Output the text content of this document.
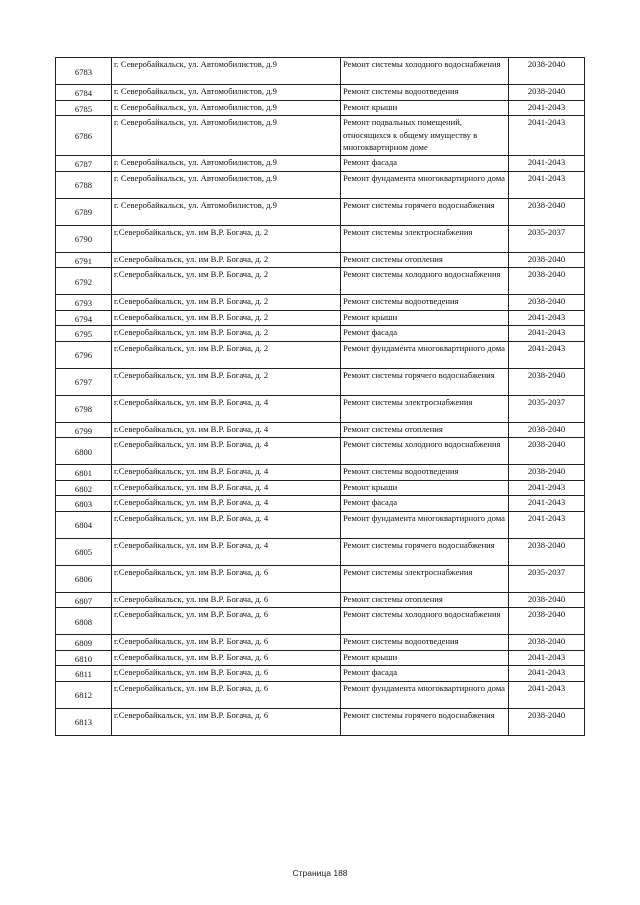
6783	г. Северобайкальск, ул. Автомобилистов, д.9	Ремонт системы холодного водоснабжения	2038-2040
6784	г. Северобайкальск, ул. Автомобилистов, д.9	Ремонт системы водоотведения	2038-2040
6785	г. Северобайкальск, ул. Автомобилистов, д.9	Ремонт крыши	2041-2043
6786	г. Северобайкальск, ул. Автомобилистов, д.9	Ремонт подвальных помещений, относящихся к общему имуществу в многоквартирном доме	2041-2043
6787	г. Северобайкальск, ул. Автомобилистов, д.9	Ремонт фасада	2041-2043
6788	г. Северобайкальск, ул. Автомобилистов, д.9	Ремонт фундамента многоквартирного дома	2041-2043
6789	г. Северобайкальск, ул. Автомобилистов, д.9	Ремонт системы горячего водоснабжения	2038-2040
6790	г.Северобайкальск, ул. им В.Р. Богача, д. 2	Ремонт системы электроснабжения	2035-2037
6791	г.Северобайкальск, ул. им В.Р. Богача, д. 2	Ремонт системы отопления	2038-2040
6792	г.Северобайкальск, ул. им В.Р. Богача, д. 2	Ремонт системы холодного водоснабжения	2038-2040
6793	г.Северобайкальск, ул. им В.Р. Богача, д. 2	Ремонт системы водоотведения	2038-2040
6794	г.Северобайкальск, ул. им В.Р. Богача, д. 2	Ремонт крыши	2041-2043
6795	г.Северобайкальск, ул. им В.Р. Богача, д. 2	Ремонт фасада	2041-2043
6796	г.Северобайкальск, ул. им В.Р. Богача, д. 2	Ремонт фундамента многоквартирного дома	2041-2043
6797	г.Северобайкальск, ул. им В.Р. Богача, д. 2	Ремонт системы горячего водоснабжения	2038-2040
6798	г.Северобайкальск, ул. им В.Р. Богача, д. 4	Ремонт системы электроснабжения	2035-2037
6799	г.Северобайкальск, ул. им В.Р. Богача, д. 4	Ремонт системы отопления	2038-2040
6800	г.Северобайкальск, ул. им В.Р. Богача, д. 4	Ремонт системы холодного водоснабжения	2038-2040
6801	г.Северобайкальск, ул. им В.Р. Богача, д. 4	Ремонт системы водоотведения	2038-2040
6802	г.Северобайкальск, ул. им В.Р. Богача, д. 4	Ремонт крыши	2041-2043
6803	г.Северобайкальск, ул. им В.Р. Богача, д. 4	Ремонт фасада	2041-2043
6804	г.Северобайкальск, ул. им В.Р. Богача, д. 4	Ремонт фундамента многоквартирного дома	2041-2043
6805	г.Северобайкальск, ул. им В.Р. Богача, д. 4	Ремонт системы горячего водоснабжения	2038-2040
6806	г.Северобайкальск, ул. им В.Р. Богача, д. 6	Ремонт системы электроснабжения	2035-2037
6807	г.Северобайкальск, ул. им В.Р. Богача, д. 6	Ремонт системы отопления	2038-2040
6808	г.Северобайкальск, ул. им В.Р. Богача, д. 6	Ремонт системы холодного водоснабжения	2038-2040
6809	г.Северобайкальск, ул. им В.Р. Богача, д. 6	Ремонт системы водоотведения	2038-2040
6810	г.Северобайкальск, ул. им В.Р. Богача, д. 6	Ремонт крыши	2041-2043
6811	г.Северобайкальск, ул. им В.Р. Богача, д. 6	Ремонт фасада	2041-2043
6812	г.Северобайкальск, ул. им В.Р. Богача, д. 6	Ремонт фундамента многоквартирного дома	2041-2043
6813	г.Северобайкальск, ул. им В.Р. Богача, д. 6	Ремонт системы горячего водоснабжения	2038-2040
Страница 188
